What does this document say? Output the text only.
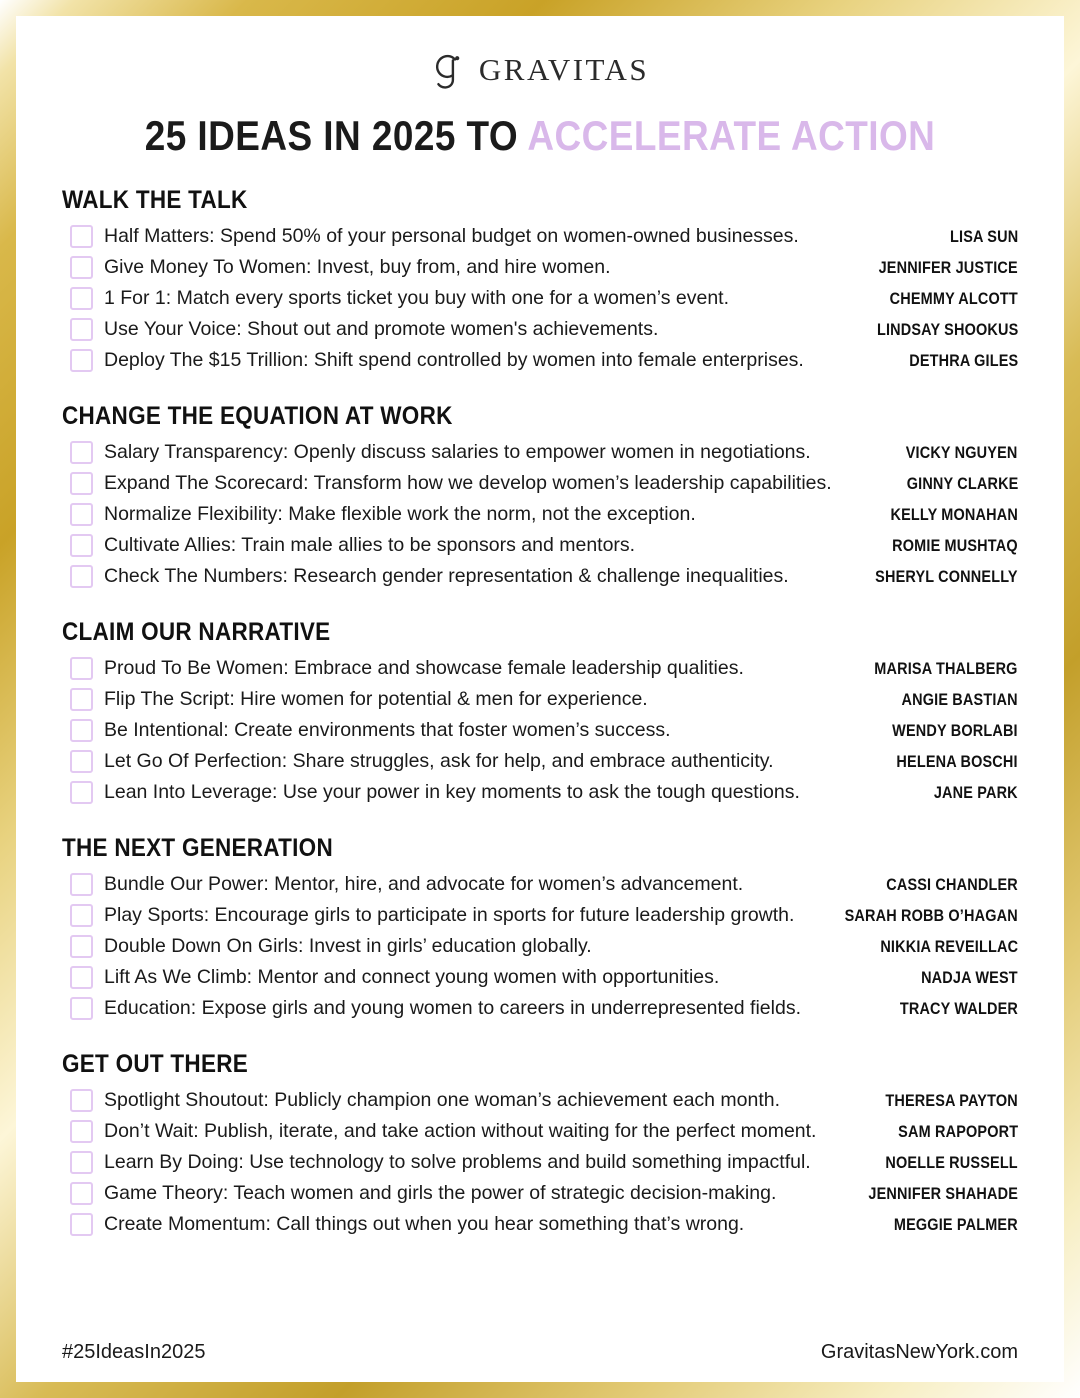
GRAVITAS
25 IDEAS IN 2025 TO ACCELERATE ACTION
WALK THE TALK
Half Matters: Spend 50% of your personal budget on women-owned businesses.	LISA SUN
Give Money To Women: Invest, buy from, and hire women.	JENNIFER JUSTICE
1 For 1: Match every sports ticket you buy with one for a women’s event.	CHEMMY ALCOTT
Use Your Voice: Shout out and promote women's achievements.	LINDSAY SHOOKUS
Deploy The $15 Trillion: Shift spend controlled by women into female enterprises.	DETHRA GILES
CHANGE THE EQUATION AT WORK
Salary Transparency: Openly discuss salaries to empower women in negotiations.	VICKY NGUYEN
Expand The Scorecard: Transform how we develop women’s leadership capabilities.	GINNY CLARKE
Normalize Flexibility: Make flexible work the norm, not the exception.	KELLY MONAHAN
Cultivate Allies: Train male allies to be sponsors and mentors.	ROMIE MUSHTAQ
Check The Numbers: Research gender representation & challenge inequalities.	SHERYL CONNELLY
CLAIM OUR NARRATIVE
Proud To Be Women: Embrace and showcase female leadership qualities.	MARISA THALBERG
Flip The Script: Hire women for potential & men for experience.	ANGIE BASTIAN
Be Intentional: Create environments that foster women’s success.	WENDY BORLABI
Let Go Of Perfection: Share struggles, ask for help, and embrace authenticity.	HELENA BOSCHI
Lean Into Leverage: Use your power in key moments to ask the tough questions.	JANE PARK
THE NEXT GENERATION
Bundle Our Power: Mentor, hire, and advocate for women’s advancement.	CASSI CHANDLER
Play Sports: Encourage girls to participate in sports for future leadership growth.	SARAH ROBB O’HAGAN
Double Down On Girls: Invest in girls’ education globally.	NIKKIA REVEILLAC
Lift As We Climb: Mentor and connect young women with opportunities.	NADJA WEST
Education: Expose girls and young women to careers in underrepresented fields.	TRACY WALDER
GET OUT THERE
Spotlight Shoutout: Publicly champion one woman’s achievement each month.	THERESA PAYTON
Don’t Wait: Publish, iterate, and take action without waiting for the perfect moment.	SAM RAPOPORT
Learn By Doing: Use technology to solve problems and build something impactful.	NOELLE RUSSELL
Game Theory: Teach women and girls the power of strategic decision-making.	JENNIFER SHAHADE
Create Momentum: Call things out when you hear something that’s wrong.	MEGGIE PALMER
#25IdeasIn2025	GravitasNewYork.com
